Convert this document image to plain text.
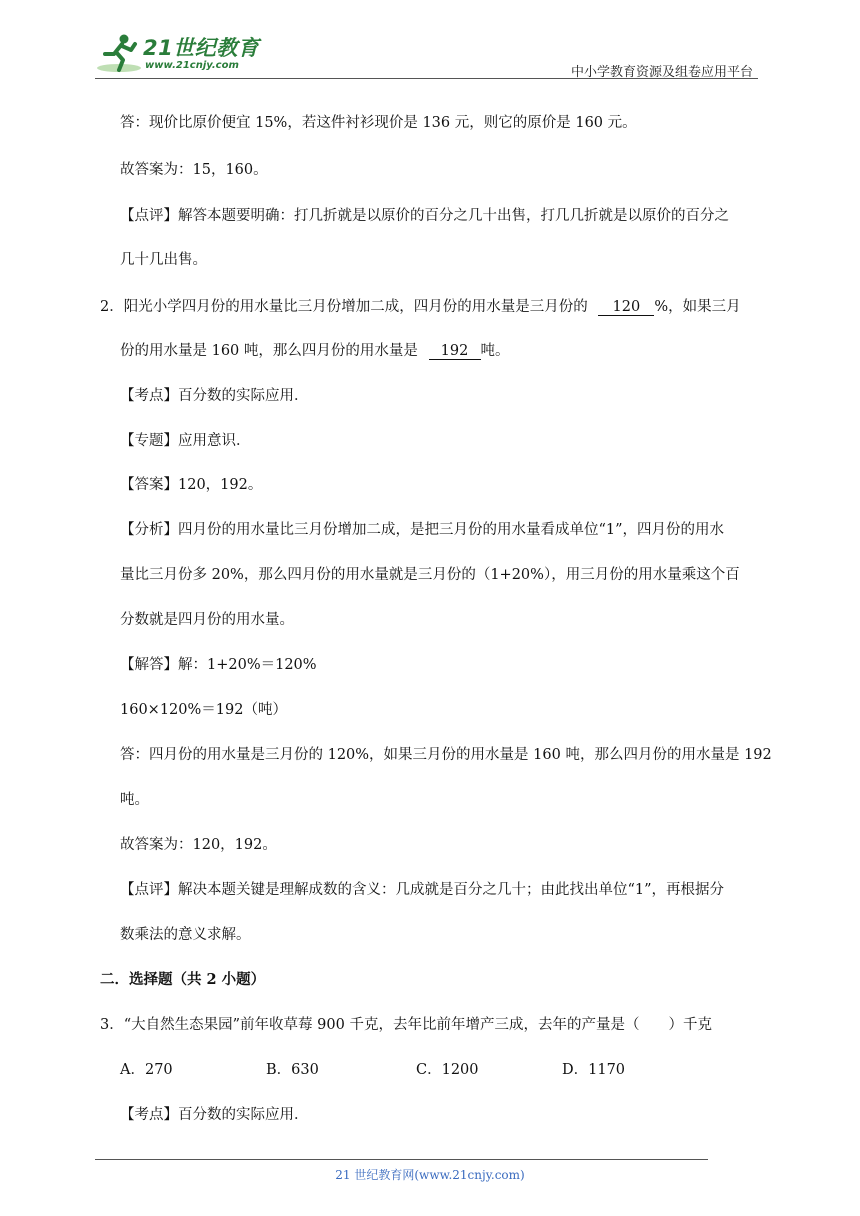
21世纪教育
www.21cnjy.com	中小学教育资源及组卷应用平台
答：现价比原价便宜 15%，若这件衬衫现价是 136 元，则它的原价是 160 元。
故答案为：15，160。
【点评】解答本题要明确：打几折就是以原价的百分之几十出售，打几几折就是以原价的百分之
几十几出售。
2．阳光小学四月份的用水量比三月份增加二成，四月份的用水量是三月份的 120 %，如果三月
份的用水量是 160 吨，那么四月份的用水量是 192 吨。
【考点】百分数的实际应用．
【专题】应用意识．
【答案】120，192。
【分析】四月份的用水量比三月份增加二成，是把三月份的用水量看成单位“1”，四月份的用水
量比三月份多 20%，那么四月份的用水量就是三月份的（1+20%），用三月份的用水量乘这个百
分数就是四月份的用水量。
【解答】解：1+20%＝120%
160×120%＝192（吨）
答：四月份的用水量是三月份的 120%，如果三月份的用水量是 160 吨，那么四月份的用水量是 192
吨。
故答案为：120，192。
【点评】解决本题关键是理解成数的含义：几成就是百分之几十；由此找出单位“1”，再根据分
数乘法的意义求解。
二．选择题（共 2 小题）
3．“大自然生态果园”前年收草莓 900 千克，去年比前年增产三成，去年的产量是（　　）千克
A．270	B．630	C．1200	D．1170
【考点】百分数的实际应用．
21 世纪教育网(www.21cnjy.com)
